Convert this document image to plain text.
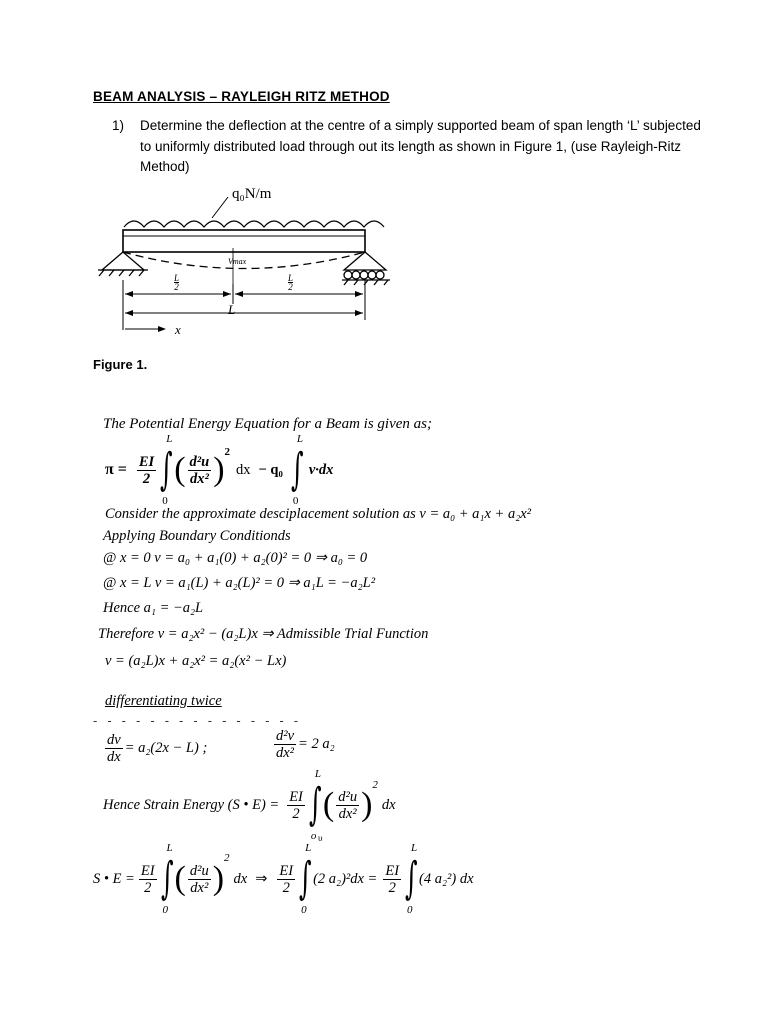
BEAM ANALYSIS – RAYLEIGH RITZ METHOD
1) Determine the deflection at the centre of a simply supported beam of span length ‘L’ subjected to uniformly distributed load through out its length as shown in Figure 1, (use Rayleigh-Ritz Method)
q₀N/m
Vmax
L
2
L
2
L
x
Figure 1.
The Potential Energy Equation for a Beam is given as;
$\pi = \frac{EI}{2}$
L
∫
0
( $\frac{\text{d²u}}{\text{dx²}}$ ) 2
dx − q₀
L
∫
0
v·dx
Consider the approximate desciplacement solution as v = a₀ + a₁x + a₂x²
Applying Boundary Conditionds
@ x = 0 v = a₀ + a₁(0) + a₂(0)² = 0 ⇒ a₀ = 0
@ x = L v = a₁(L) + a₂(L)² = 0 ⇒ a₁L = −a₂L²
Hence a₁ = −a₂L
Therefore v = a₂x² − (a₂L)x ⇒ Admissible Trial Function
v = (a₂L)x + a₂x² = a₂(x² − Lx)
differentiating twice
- - - - - - - - - - - - - - -
$\frac{dv}{dx} = a_2(2x - L)$ ;	$\frac{\text{d²v}}{\text{dx²}} = 2$ a₂
Hence Strain Energy (S • $E) = \frac{EI}{2}$
L
∫
o
( $\frac{\text{d²u}}{\text{dx²}}$ )
2
dx
υ
S • $E = \frac{EI}{2}$
L
∫
0
( $\frac{\text{d²u}}{\text{dx²}}$ )
2
dx ⇒ $\frac{EI}{2}$
L
∫
0
(2 $a_2)^2dx = \frac{EI}{2}$
L
∫
0
(4 a₂²) dx
